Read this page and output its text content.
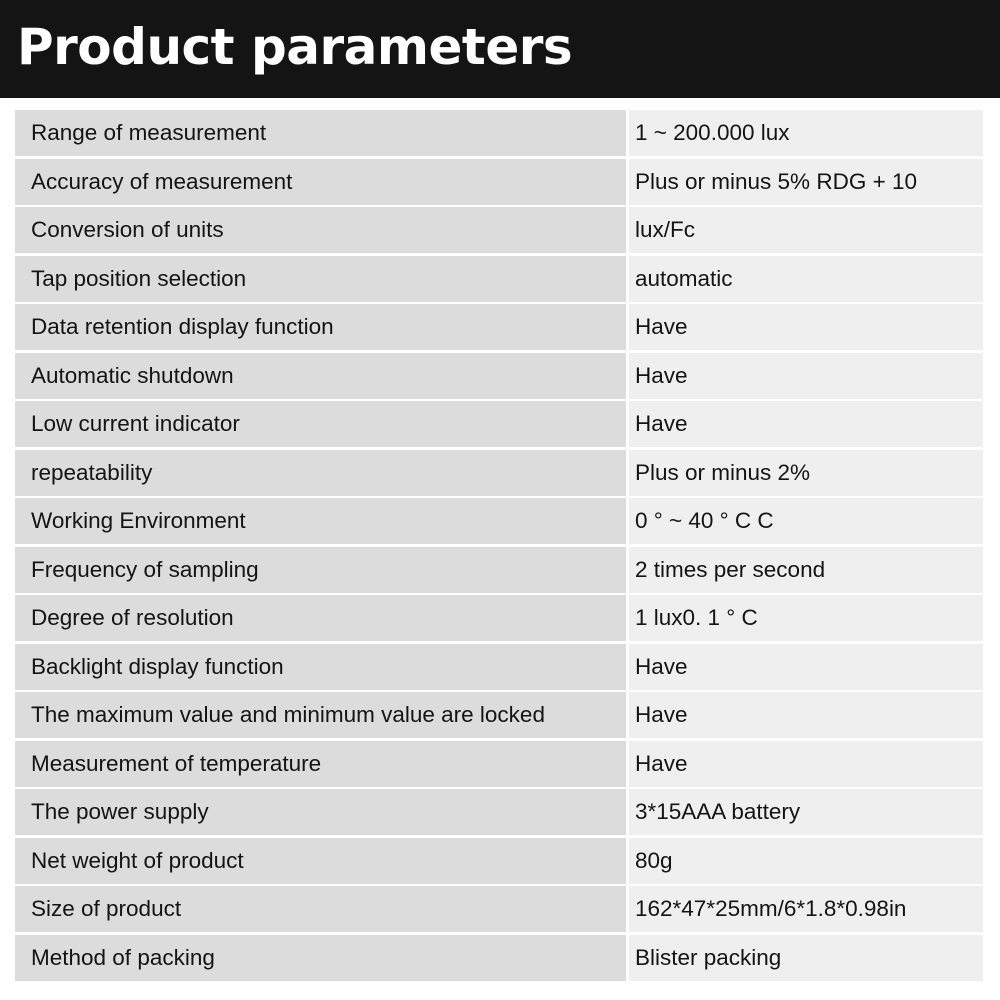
Product parameters
Range of measurement	1 ~ 200.000 lux
Accuracy of measurement	Plus or minus 5% RDG + 10
Conversion of units	lux/Fc
Tap position selection	automatic
Data retention display function	Have
Automatic shutdown	Have
Low current indicator	Have
repeatability	Plus or minus 2%
Working Environment	0 ° ~ 40 ° C C
Frequency of sampling	2 times per second
Degree of resolution	1 lux0. 1 ° C
Backlight display function	Have
The maximum value and minimum value are locked	Have
Measurement of temperature	Have
The power supply	3*15AAA battery
Net weight of product	80g
Size of product	162*47*25mm/6*1.8*0.98in
Method of packing	Blister packing
